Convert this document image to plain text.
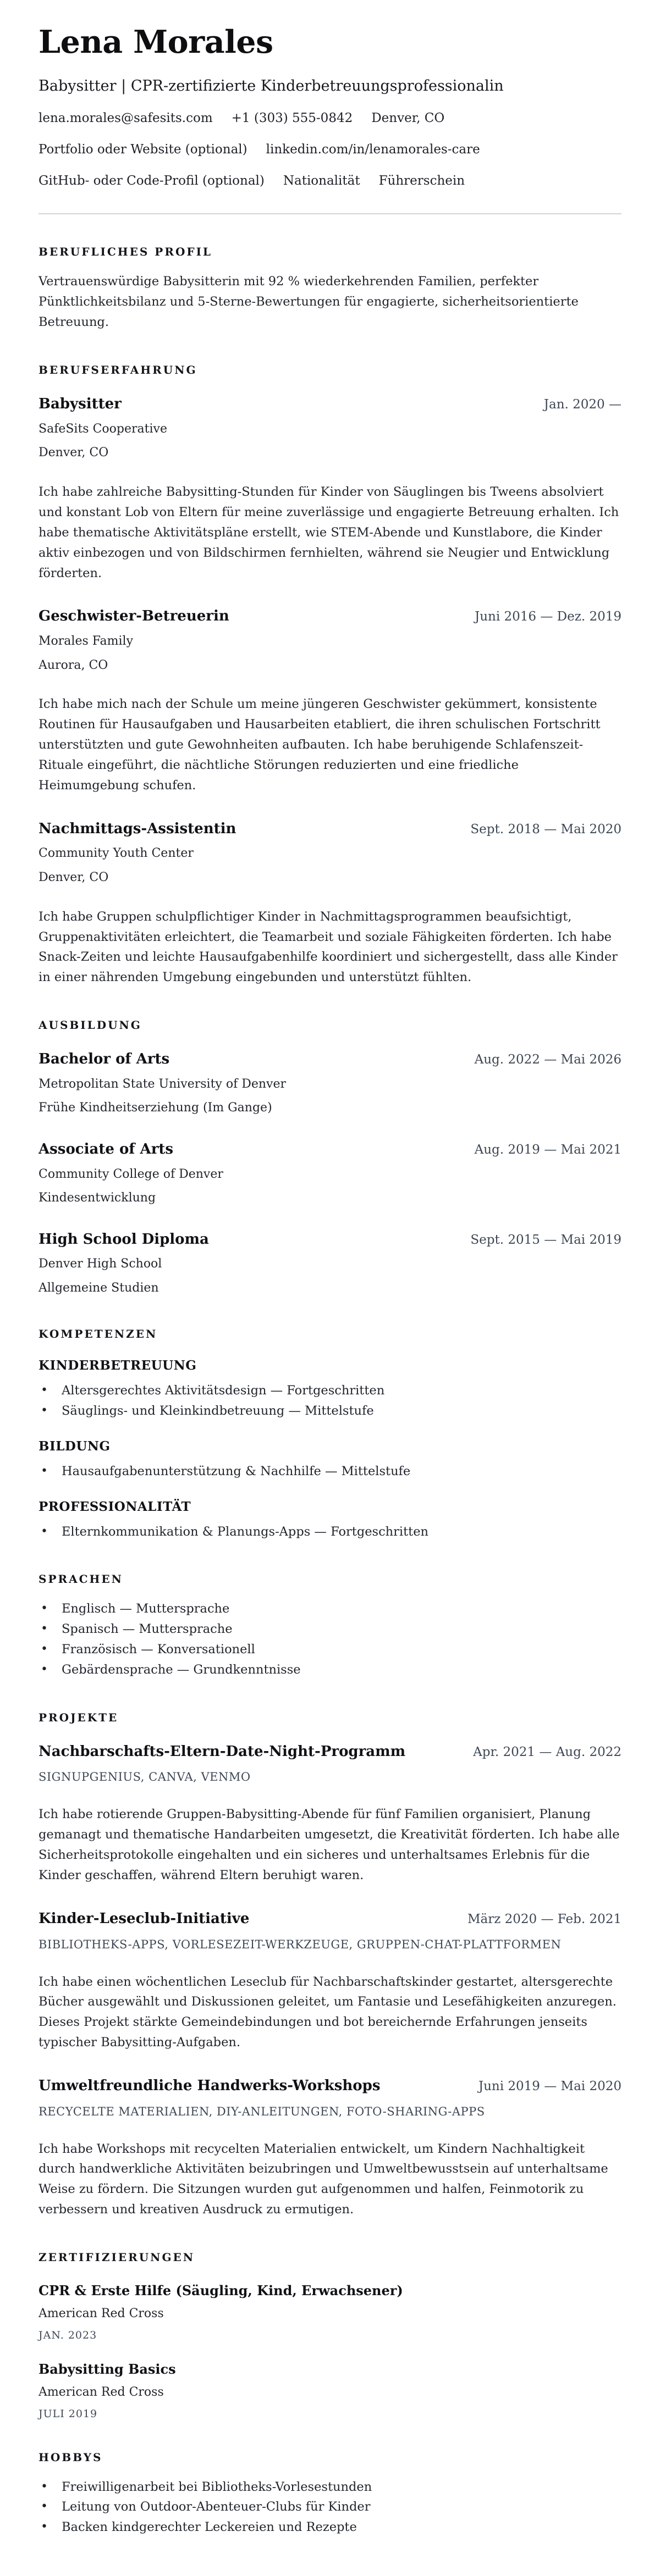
Lena Morales
Babysitter | CPR-zertifizierte Kinderbetreuungsprofessionalin
lena.morales@safesits.com +1 (303) 555-0842 Denver, CO
Portfolio oder Website (optional) linkedin.com/in/lenamorales-care
GitHub- oder Code-Profil (optional) Nationalität Führerschein
BERUFLICHES PROFIL

Vertrauenswürdige Babysitterin mit 92 % wiederkehrenden Familien, perfekter Pünktlichkeitsbilanz und 5-Sterne-Bewertungen für engagierte, sicherheitsorientierte Betreuung.

BERUFSERFAHRUNG
Babysitter	Jan. 2020 —
SafeSits Cooperative
Denver, CO

Ich habe zahlreiche Babysitting-Stunden für Kinder von Säuglingen bis Tweens absolviert und konstant Lob von Eltern für meine zuverlässige und engagierte Betreuung erhalten. Ich habe thematische Aktivitätspläne erstellt, wie STEM-Abende und Kunstlabore, die Kinder aktiv einbezogen und von Bildschirmen fernhielten, während sie Neugier und Entwicklung förderten.

Geschwister-Betreuerin	Juni 2016 — Dez. 2019
Morales Family
Aurora, CO

Ich habe mich nach der Schule um meine jüngeren Geschwister gekümmert, konsistente Routinen für Hausaufgaben und Hausarbeiten etabliert, die ihren schulischen Fortschritt unterstützten und gute Gewohnheiten aufbauten. Ich habe beruhigende Schlafenszeit-Rituale eingeführt, die nächtliche Störungen reduzierten und eine friedliche Heimumgebung schufen.

Nachmittags-Assistentin	Sept. 2018 — Mai 2020
Community Youth Center
Denver, CO

Ich habe Gruppen schulpflichtiger Kinder in Nachmittagsprogrammen beaufsichtigt, Gruppenaktivitäten erleichtert, die Teamarbeit und soziale Fähigkeiten förderten. Ich habe Snack-Zeiten und leichte Hausaufgabenhilfe koordiniert und sichergestellt, dass alle Kinder in einer nährenden Umgebung eingebunden und unterstützt fühlten.

AUSBILDUNG
Bachelor of Arts	Aug. 2022 — Mai 2026
Metropolitan State University of Denver
Frühe Kindheitserziehung (Im Gange)
Associate of Arts	Aug. 2019 — Mai 2021
Community College of Denver
Kindesentwicklung
High School Diploma	Sept. 2015 — Mai 2019
Denver High School
Allgemeine Studien
KOMPETENZEN
KINDERBETREUUNG
• Altersgerechtes Aktivitätsdesign — Fortgeschritten
• Säuglings- und Kleinkindbetreuung — Mittelstufe
BILDUNG
• Hausaufgabenunterstützung & Nachhilfe — Mittelstufe
PROFESSIONALITÄT
• Elternkommunikation & Planungs-Apps — Fortgeschritten
SPRACHEN
• Englisch — Muttersprache
• Spanisch — Muttersprache
• Französisch — Konversationell
• Gebärdensprache — Grundkenntnisse
PROJEKTE
Nachbarschafts-Eltern-Date-Night-Programm	Apr. 2021 — Aug. 2022
SIGNUPGENIUS, CANVA, VENMO

Ich habe rotierende Gruppen-Babysitting-Abende für fünf Familien organisiert, Planung gemanagt und thematische Handarbeiten umgesetzt, die Kreativität förderten. Ich habe alle Sicherheitsprotokolle eingehalten und ein sicheres und unterhaltsames Erlebnis für die Kinder geschaffen, während Eltern beruhigt waren.

Kinder-Leseclub-Initiative	März 2020 — Feb. 2021
BIBLIOTHEKS-APPS, VORLESEZEIT-WERKZEUGE, GRUPPEN-CHAT-PLATTFORMEN

Ich habe einen wöchentlichen Leseclub für Nachbarschaftskinder gestartet, altersgerechte Bücher ausgewählt und Diskussionen geleitet, um Fantasie und Lesefähigkeiten anzuregen. Dieses Projekt stärkte Gemeindebindungen und bot bereichernde Erfahrungen jenseits typischer Babysitting-Aufgaben.

Umweltfreundliche Handwerks-Workshops	Juni 2019 — Mai 2020
RECYCELTE MATERIALIEN, DIY-ANLEITUNGEN, FOTO-SHARING-APPS

Ich habe Workshops mit recycelten Materialien entwickelt, um Kindern Nachhaltigkeit durch handwerkliche Aktivitäten beizubringen und Umweltbewusstsein auf unterhaltsame Weise zu fördern. Die Sitzungen wurden gut aufgenommen und halfen, Feinmotorik zu verbessern und kreativen Ausdruck zu ermutigen.

ZERTIFIZIERUNGEN
CPR & Erste Hilfe (Säugling, Kind, Erwachsener)
American Red Cross
JAN. 2023
Babysitting Basics
American Red Cross
JULI 2019
HOBBYS
• Freiwilligenarbeit bei Bibliotheks-Vorlesestunden
• Leitung von Outdoor-Abenteuer-Clubs für Kinder
• Backen kindgerechter Leckereien und Rezepte
